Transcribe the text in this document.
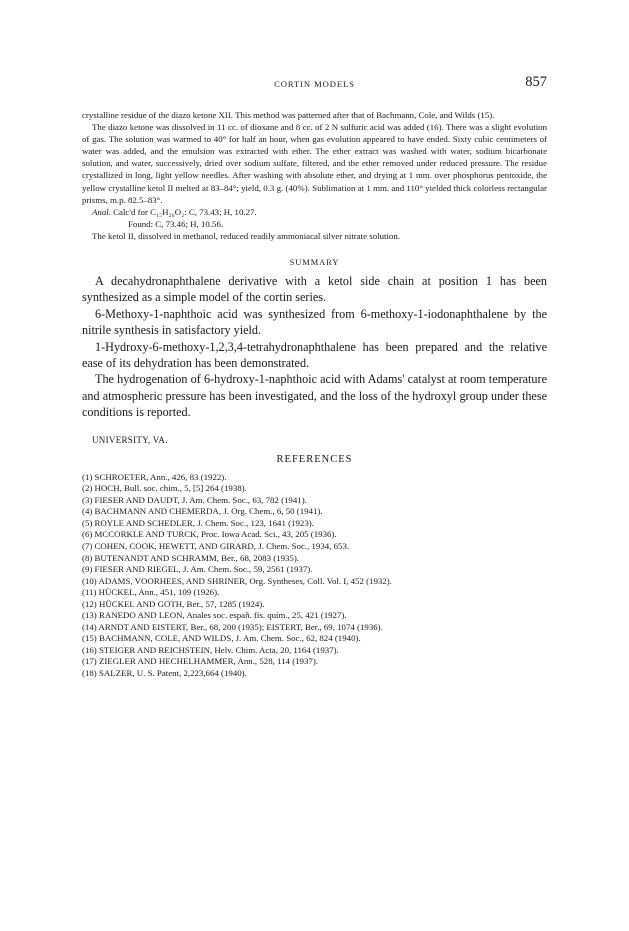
CORTIN MODELS	857

crystalline residue of the diazo ketone XII. This method was patterned after that of Bachmann, Cole, and Wilds (15).

The diazo ketone was dissolved in 11 cc. of dioxane and 8 cc. of 2 N sulfuric acid was added (16). There was a slight evolution of gas. The solution was warmed to 40° for half an hour, when gas evolution appeared to have ended. Sixty cubic centimeters of water was added, and the emulsion was extracted with ether. The ether extract was washed with water, sodium bicarbonate solution, and water, successively, dried over sodium sulfate, filtered, and the ether removed under reduced pressure. The residue crystallized in long, light yellow needles. After washing with absolute ether, and drying at 1 mm. over phosphorus pentoxide, the yellow crystalline ketol II melted at 83–84°; yield, 0.3 g. (40%). Sublimation at 1 mm. and 110° yielded thick colorless rectangular prisms, m.p. 82.5–83°.

Anal. Calc'd for C₁₅H₂₆O₂: C, 73.43; H, 10.27.

Found: C, 73.46; H, 10.56.

The ketol II, dissolved in methanol, reduced readily ammoniacal silver nitrate solution.

SUMMARY

A decahydronaphthalene derivative with a ketol side chain at position 1 has been synthesized as a simple model of the cortin series.

6-Methoxy-1-naphthoic acid was synthesized from 6-methoxy-1-iodonaphthalene by the nitrile synthesis in satisfactory yield.

1-Hydroxy-6-methoxy-1,2,3,4-tetrahydronaphthalene has been prepared and the relative ease of its dehydration has been demonstrated.

The hydrogenation of 6-hydroxy-1-naphthoic acid with Adams' catalyst at room temperature and atmospheric pressure has been investigated, and the loss of the hydroxyl group under these conditions is reported.

UNIVERSITY, VA.
REFERENCES
(1) SCHROETER, Ann., 426, 83 (1922).
(2) HOCH, Bull. soc. chim., 5, [5] 264 (1938).
(3) FIESER AND DAUDT, J. Am. Chem. Soc., 63, 782 (1941).
(4) BACHMANN AND CHEMERDA, J. Org. Chem., 6, 50 (1941).
(5) ROYLE AND SCHEDLER, J. Chem. Soc., 123, 1641 (1923).
(6) MCCORKLE AND TURCK, Proc. Iowa Acad. Sci., 43, 205 (1936).
(7) COHEN, COOK, HEWETT, AND GIRARD, J. Chem. Soc., 1934, 653.
(8) BUTENANDT AND SCHRAMM, Ber., 68, 2083 (1935).
(9) FIESER AND RIEGEL, J. Am. Chem. Soc., 59, 2561 (1937).
(10) ADAMS, VOORHEES, AND SHRINER, Org. Syntheses, Coll. Vol. I, 452 (1932).
(11) HÜCKEL, Ann., 451, 109 (1926).
(12) HÜCKEL AND GOTH, Ber., 57, 1285 (1924).
(13) RANEDO AND LEON, Anales soc. españ. fís. quím., 25, 421 (1927).
(14) ARNDT AND EISTERT, Ber., 68, 200 (1935); EISTERT, Ber., 69, 1074 (1936).
(15) BACHMANN, COLE, AND WILDS, J. Am. Chem. Soc., 62, 824 (1940).
(16) STEIGER AND REICHSTEIN, Helv. Chim. Acta, 20, 1164 (1937).
(17) ZIEGLER AND HECHELHAMMER, Ann., 528, 114 (1937).
(18) SALZER, U. S. Patent, 2,223,664 (1940).
